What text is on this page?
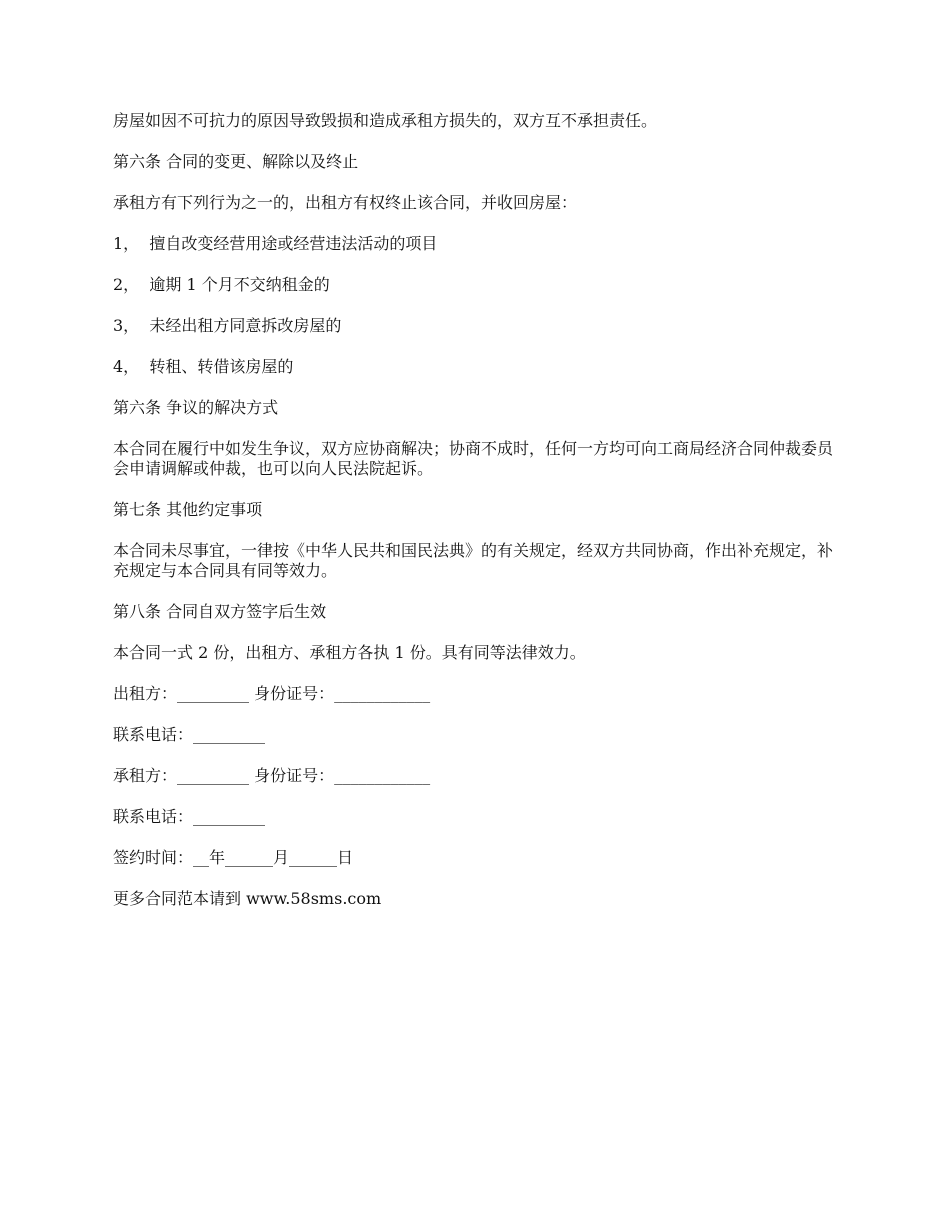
房屋如因不可抗力的原因导致毁损和造成承租方损失的，双方互不承担责任。

第六条 合同的变更、解除以及终止

承租方有下列行为之一的，出租方有权终止该合同，并收回房屋：

1，  擅自改变经营用途或经营违法活动的项目

2，  逾期 1 个月不交纳租金的

3，  未经出租方同意拆改房屋的

4，  转租、转借该房屋的

第六条 争议的解决方式

本合同在履行中如发生争议，双方应协商解决；协商不成时，任何一方均可向工商局经济合同仲裁委员会申请调解或仲裁，也可以向人民法院起诉。

第七条 其他约定事项

本合同未尽事宜，一律按《中华人民共和国民法典》的有关规定，经双方共同协商，作出补充规定，补充规定与本合同具有同等效力。

第八条 合同自双方签字后生效

本合同一式 2 份，出租方、承租方各执 1 份。具有同等法律效力。

出租方：_________ 身份证号：____________

联系电话：_________

承租方：_________ 身份证号：____________

联系电话：_________

签约时间：__年______月______日

更多合同范本请到 www.58sms.com
